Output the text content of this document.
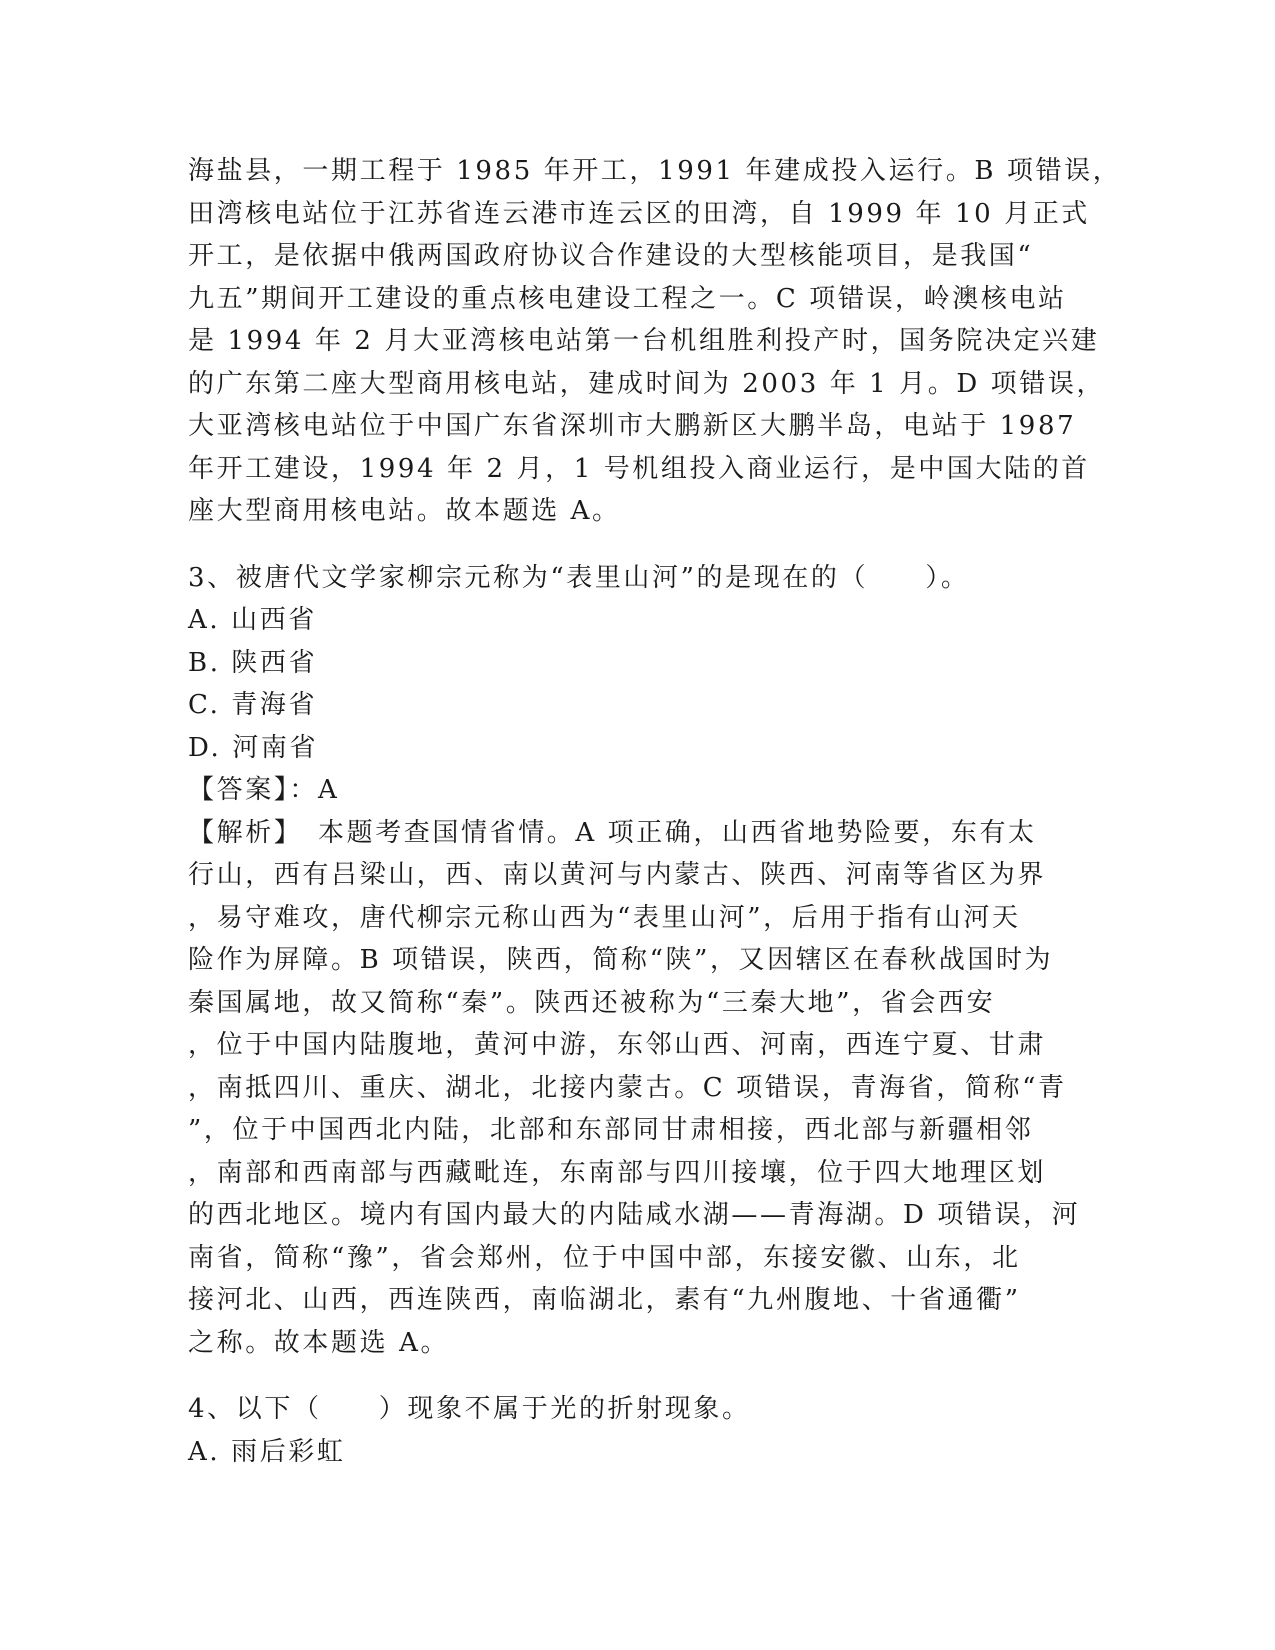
海盐县，一期工程于 1985 年开工，1991 年建成投入运行。B 项错误，
田湾核电站位于江苏省连云港市连云区的田湾，自 1999 年 10 月正式
开工，是依据中俄两国政府协议合作建设的大型核能项目，是我国“
九五”期间开工建设的重点核电建设工程之一。C 项错误，岭澳核电站
是 1994 年 2 月大亚湾核电站第一台机组胜利投产时，国务院决定兴建
的广东第二座大型商用核电站，建成时间为 2003 年 1 月。D 项错误，
大亚湾核电站位于中国广东省深圳市大鹏新区大鹏半岛，电站于 1987
年开工建设，1994 年 2 月，1 号机组投入商业运行，是中国大陆的首
座大型商用核电站。故本题选 A。
3、被唐代文学家柳宗元称为“表里山河”的是现在的（　　）。
A. 山西省
B. 陕西省
C. 青海省
D. 河南省
【答案】：A
【解析】　本题考查国情省情。A 项正确，山西省地势险要，东有太
行山，西有吕梁山，西、南以黄河与内蒙古、陕西、河南等省区为界
，易守难攻，唐代柳宗元称山西为“表里山河”，后用于指有山河天
险作为屏障。B 项错误，陕西，简称“陕”，又因辖区在春秋战国时为
秦国属地，故又简称“秦”。陕西还被称为“三秦大地”，省会西安
，位于中国内陆腹地，黄河中游，东邻山西、河南，西连宁夏、甘肃
，南抵四川、重庆、湖北，北接内蒙古。C 项错误，青海省，简称“青
”，位于中国西北内陆，北部和东部同甘肃相接，西北部与新疆相邻
，南部和西南部与西藏毗连，东南部与四川接壤，位于四大地理区划
的西北地区。境内有国内最大的内陆咸水湖——青海湖。D 项错误，河
南省，简称“豫”，省会郑州，位于中国中部，东接安徽、山东，北
接河北、山西，西连陕西，南临湖北，素有“九州腹地、十省通衢”
之称。故本题选 A。
4、以下（　　）现象不属于光的折射现象。
A. 雨后彩虹
